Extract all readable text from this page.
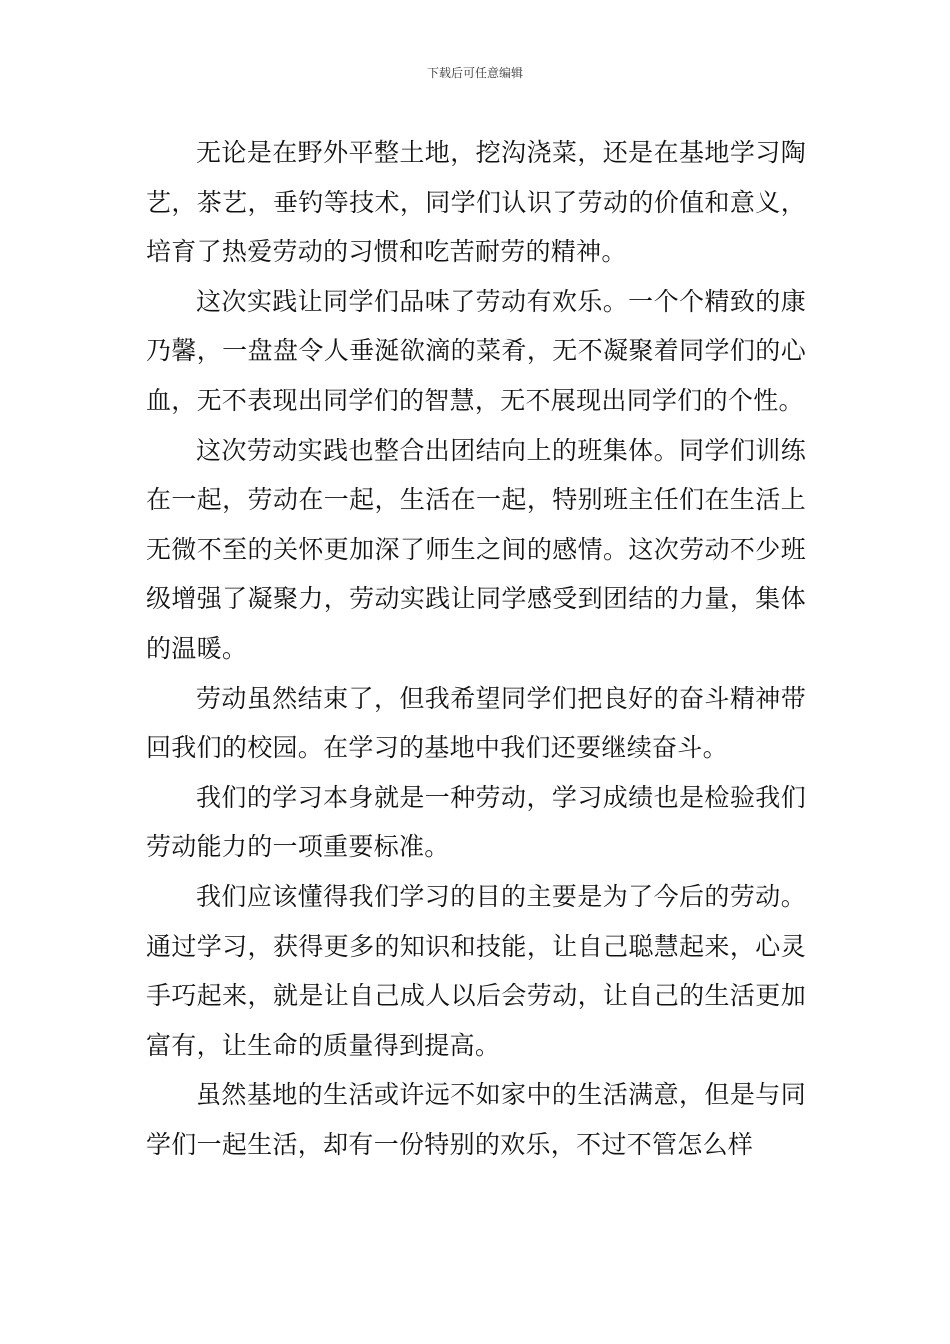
下载后可任意编辑

无论是在野外平整土地，挖沟浇菜，还是在基地学习陶艺，茶艺，垂钓等技术，同学们认识了劳动的价值和意义，培育了热爱劳动的习惯和吃苦耐劳的精神。

这次实践让同学们品味了劳动有欢乐。一个个精致的康乃馨，一盘盘令人垂涎欲滴的菜肴，无不凝聚着同学们的心血，无不表现出同学们的智慧，无不展现出同学们的个性。

这次劳动实践也整合出团结向上的班集体。同学们训练在一起，劳动在一起，生活在一起，特别班主任们在生活上无微不至的关怀更加深了师生之间的感情。这次劳动不少班级增强了凝聚力，劳动实践让同学感受到团结的力量，集体的温暖。

劳动虽然结束了，但我希望同学们把良好的奋斗精神带回我们的校园。在学习的基地中我们还要继续奋斗。

我们的学习本身就是一种劳动，学习成绩也是检验我们劳动能力的一项重要标准。

我们应该懂得我们学习的目的主要是为了今后的劳动。通过学习，获得更多的知识和技能，让自己聪慧起来，心灵手巧起来，就是让自己成人以后会劳动，让自己的生活更加富有，让生命的质量得到提高。

虽然基地的生活或许远不如家中的生活满意，但是与同学们一起生活，却有一份特别的欢乐，不过不管怎么样
